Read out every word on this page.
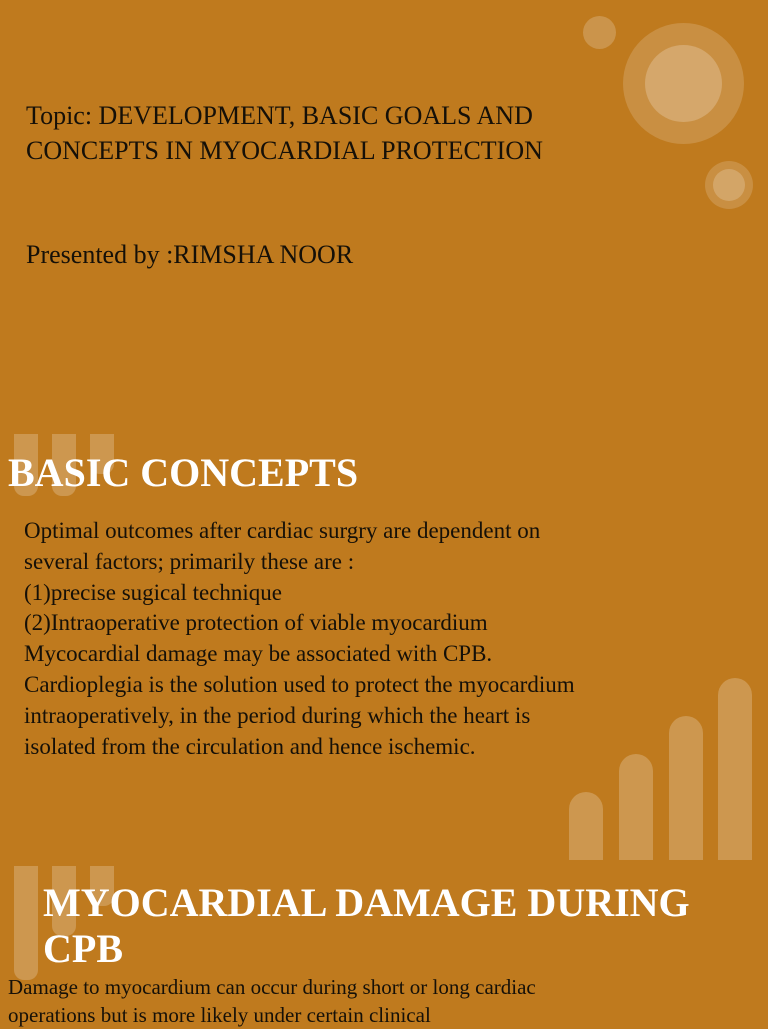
Topic: DEVELOPMENT, BASIC GOALS AND
CONCEPTS IN MYOCARDIAL PROTECTION

Presented by :RIMSHA NOOR

BASIC CONCEPTS
Optimal outcomes after cardiac surgry are dependent on
several factors; primarily these are :
(1)precise sugical technique
(2)Intraoperative protection of viable myocardium
Mycocardial damage may be associated with CPB.
Cardioplegia is the solution used to protect the myocardium
intraoperatively, in the period during which the heart is
isolated from the circulation and hence ischemic.
MYOCARDIAL DAMAGE DURING
CPB
Damage to myocardium can occur during short or long cardiac
operations but is more likely under certain clinical
